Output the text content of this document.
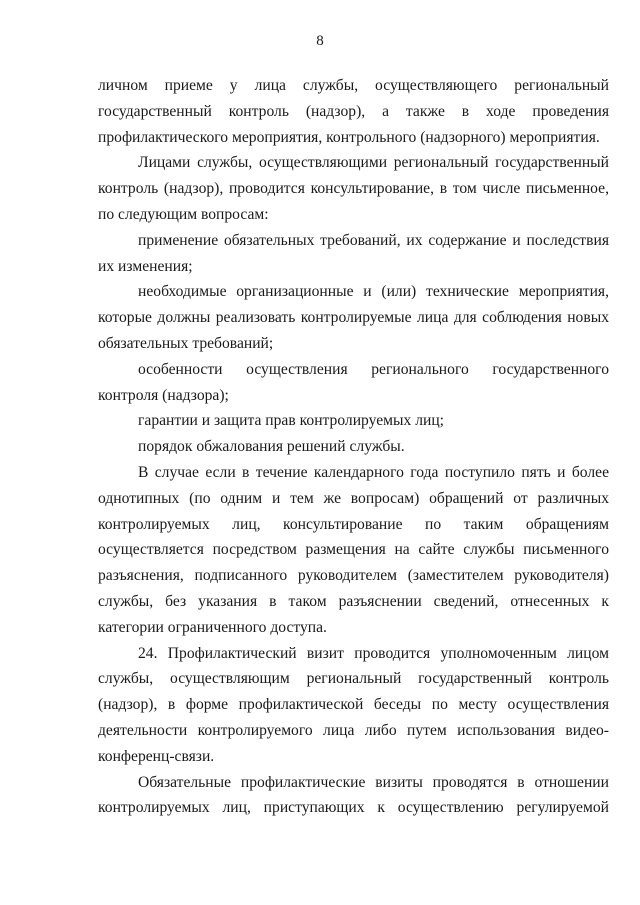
8

личном приеме у лица службы, осуществляющего региональный государственный контроль (надзор), а также в ходе проведения профилактического мероприятия, контрольного (надзорного) мероприятия.

Лицами службы, осуществляющими региональный государственный контроль (надзор), проводится консультирование, в том числе письменное, по следующим вопросам:

применение обязательных требований, их содержание и последствия их изменения;

необходимые организационные и (или) технические мероприятия, которые должны реализовать контролируемые лица для соблюдения новых обязательных требований;

особенности осуществления регионального государственного контроля (надзора);

гарантии и защита прав контролируемых лиц;

порядок обжалования решений службы.

В случае если в течение календарного года поступило пять и более однотипных (по одним и тем же вопросам) обращений от различных контролируемых лиц, консультирование по таким обращениям осуществляется посредством размещения на сайте службы письменного разъяснения, подписанного руководителем (заместителем руководителя) службы, без указания в таком разъяснении сведений, отнесенных к категории ограниченного доступа.

24. Профилактический визит проводится уполномоченным лицом службы, осуществляющим региональный государственный контроль (надзор), в форме профилактической беседы по месту осуществления деятельности контролируемого лица либо путем использования видео-конференц-связи.

Обязательные профилактические визиты проводятся в отношении контролируемых лиц, приступающих к осуществлению регулируемой
